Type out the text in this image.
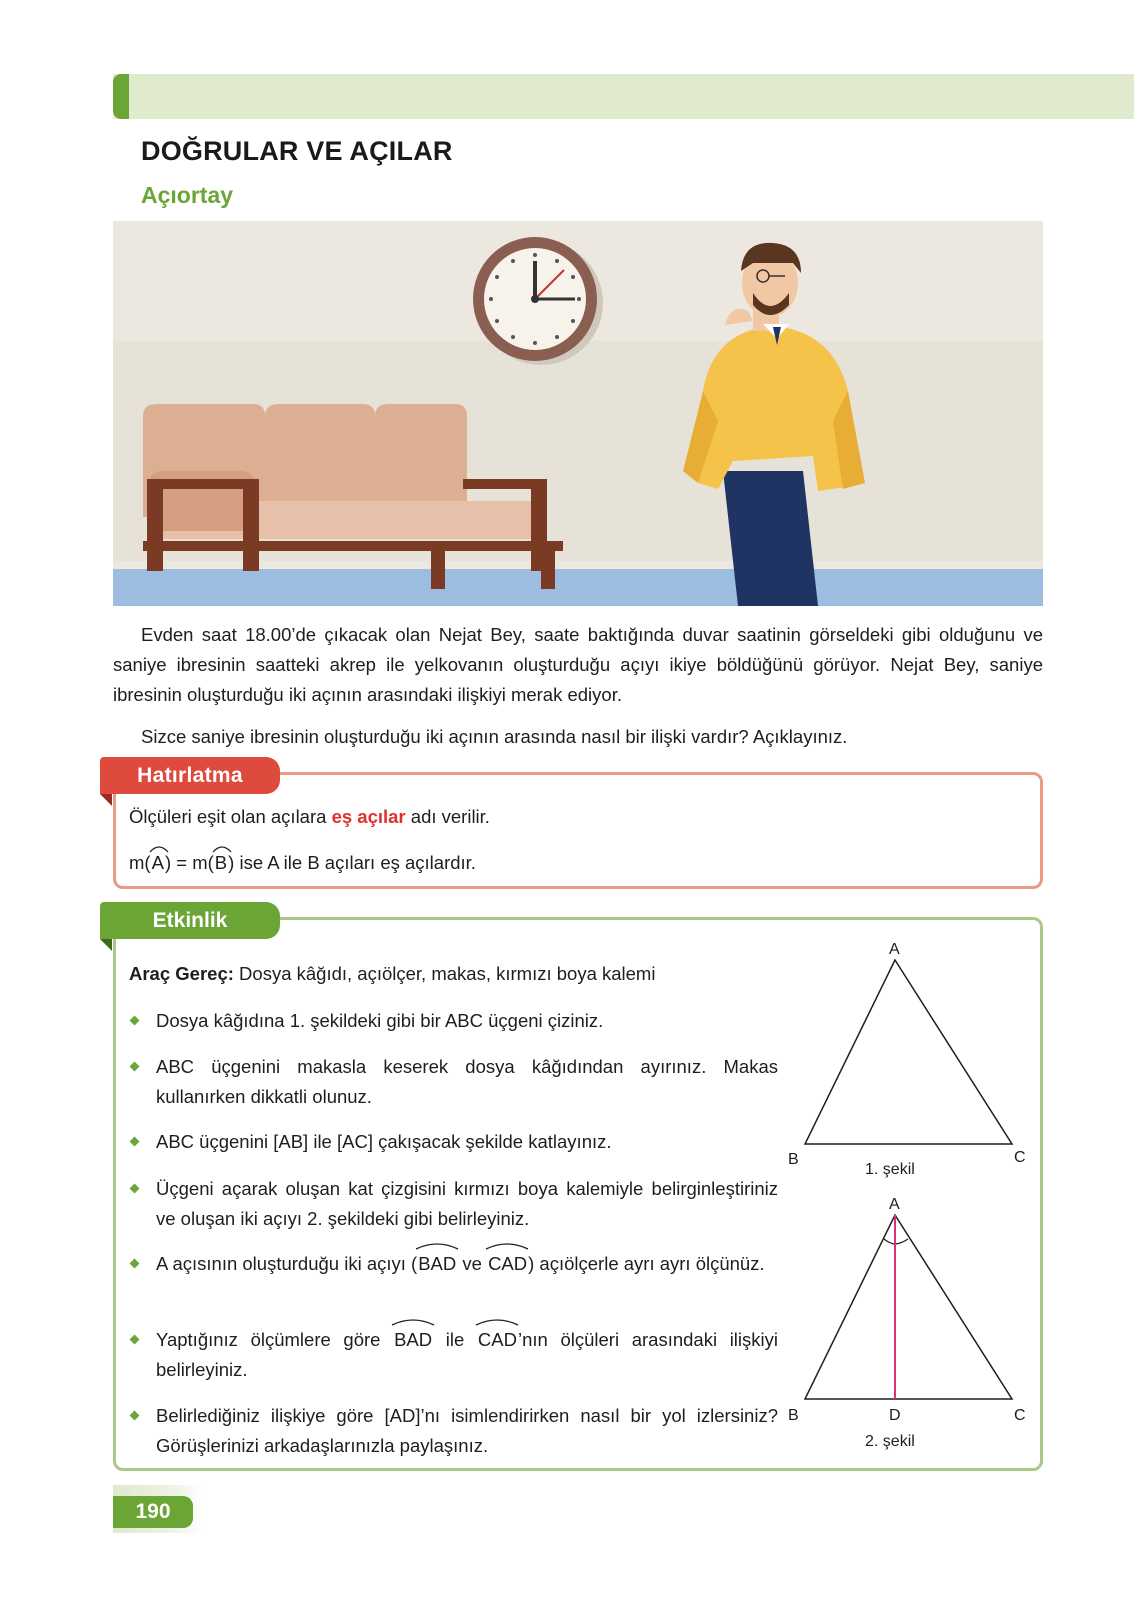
DOĞRULAR VE AÇILAR
Açıortay
Evden saat 18.00’de çıkacak olan Nejat Bey, saate baktığında duvar saatinin görseldeki gibi olduğunu ve saniye ibresinin saatteki akrep ile yelkovanın oluşturduğu açıyı ikiye böldüğünü görüyor. Nejat Bey, saniye ibresinin oluşturduğu iki açının arasındaki ilişkiyi merak ediyor.
Sizce saniye ibresinin oluşturduğu iki açının arasında nasıl bir ilişki vardır? Açıklayınız.
Hatırlatma
Ölçüleri eşit olan açılara eş açılar adı verilir.
m(
A) = m(
B) ise A ile B açıları eş açılardır.
Etkinlik
Araç Gereç: Dosya kâğıdı, açıölçer, makas, kırmızı boya kalemi
Dosya kâğıdına 1. şekildeki gibi bir ABC üçgeni çiziniz.
ABC üçgenini makasla keserek dosya kâğıdından ayırınız. Makas kullanırken dikkatli olunuz.
ABC üçgenini [AB] ile [AC] çakışacak şekilde katlayınız.
Üçgeni açarak oluşan kat çizgisini kırmızı boya kalemiyle belirginleştiriniz ve oluşan iki açıyı 2. şekildeki gibi belirleyiniz.
A açısının oluşturduğu iki açıyı (
BAD ve
CAD) açıölçerle ayrı ayrı ölçünüz.
Yaptığınız ölçümlere göre
BAD ile
CAD’nın ölçüleri arasındaki ilişkiyi belirleyiniz.
Belirlediğiniz ilişkiye göre [AD]’nı isimlendirirken nasıl bir yol izlersiniz? Görüşlerinizi arkadaşlarınızla paylaşınız.
A
B	C
1. şekil
A
B	C
D
2. şekil
190
